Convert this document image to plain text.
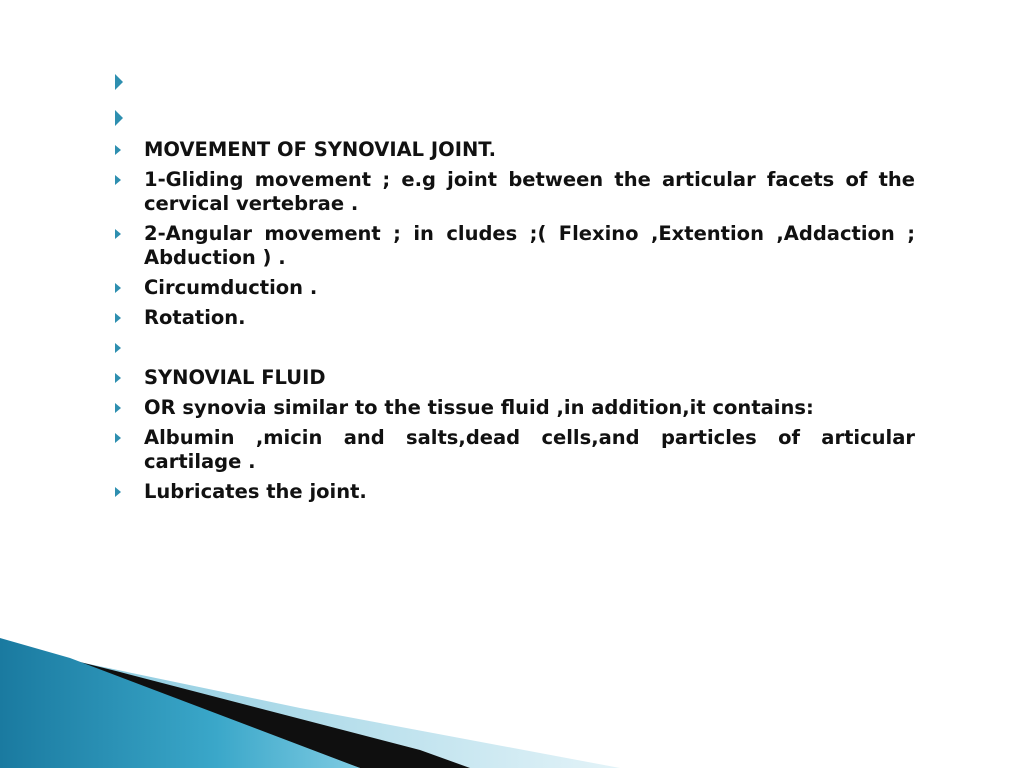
MOVEMENT OF SYNOVIAL JOINT.
1-Gliding movement ; e.g joint between the articular facets of the cervical vertebrae .
2-Angular movement ; in cludes ;( Flexino ,Extention ,Addaction ; Abduction ) .
Circumduction .
Rotation.
SYNOVIAL FLUID
OR synovia similar to the tissue fluid ,in addition,it contains:
Albumin ,micin and salts,dead cells,and particles of articular cartilage .
Lubricates the joint.
